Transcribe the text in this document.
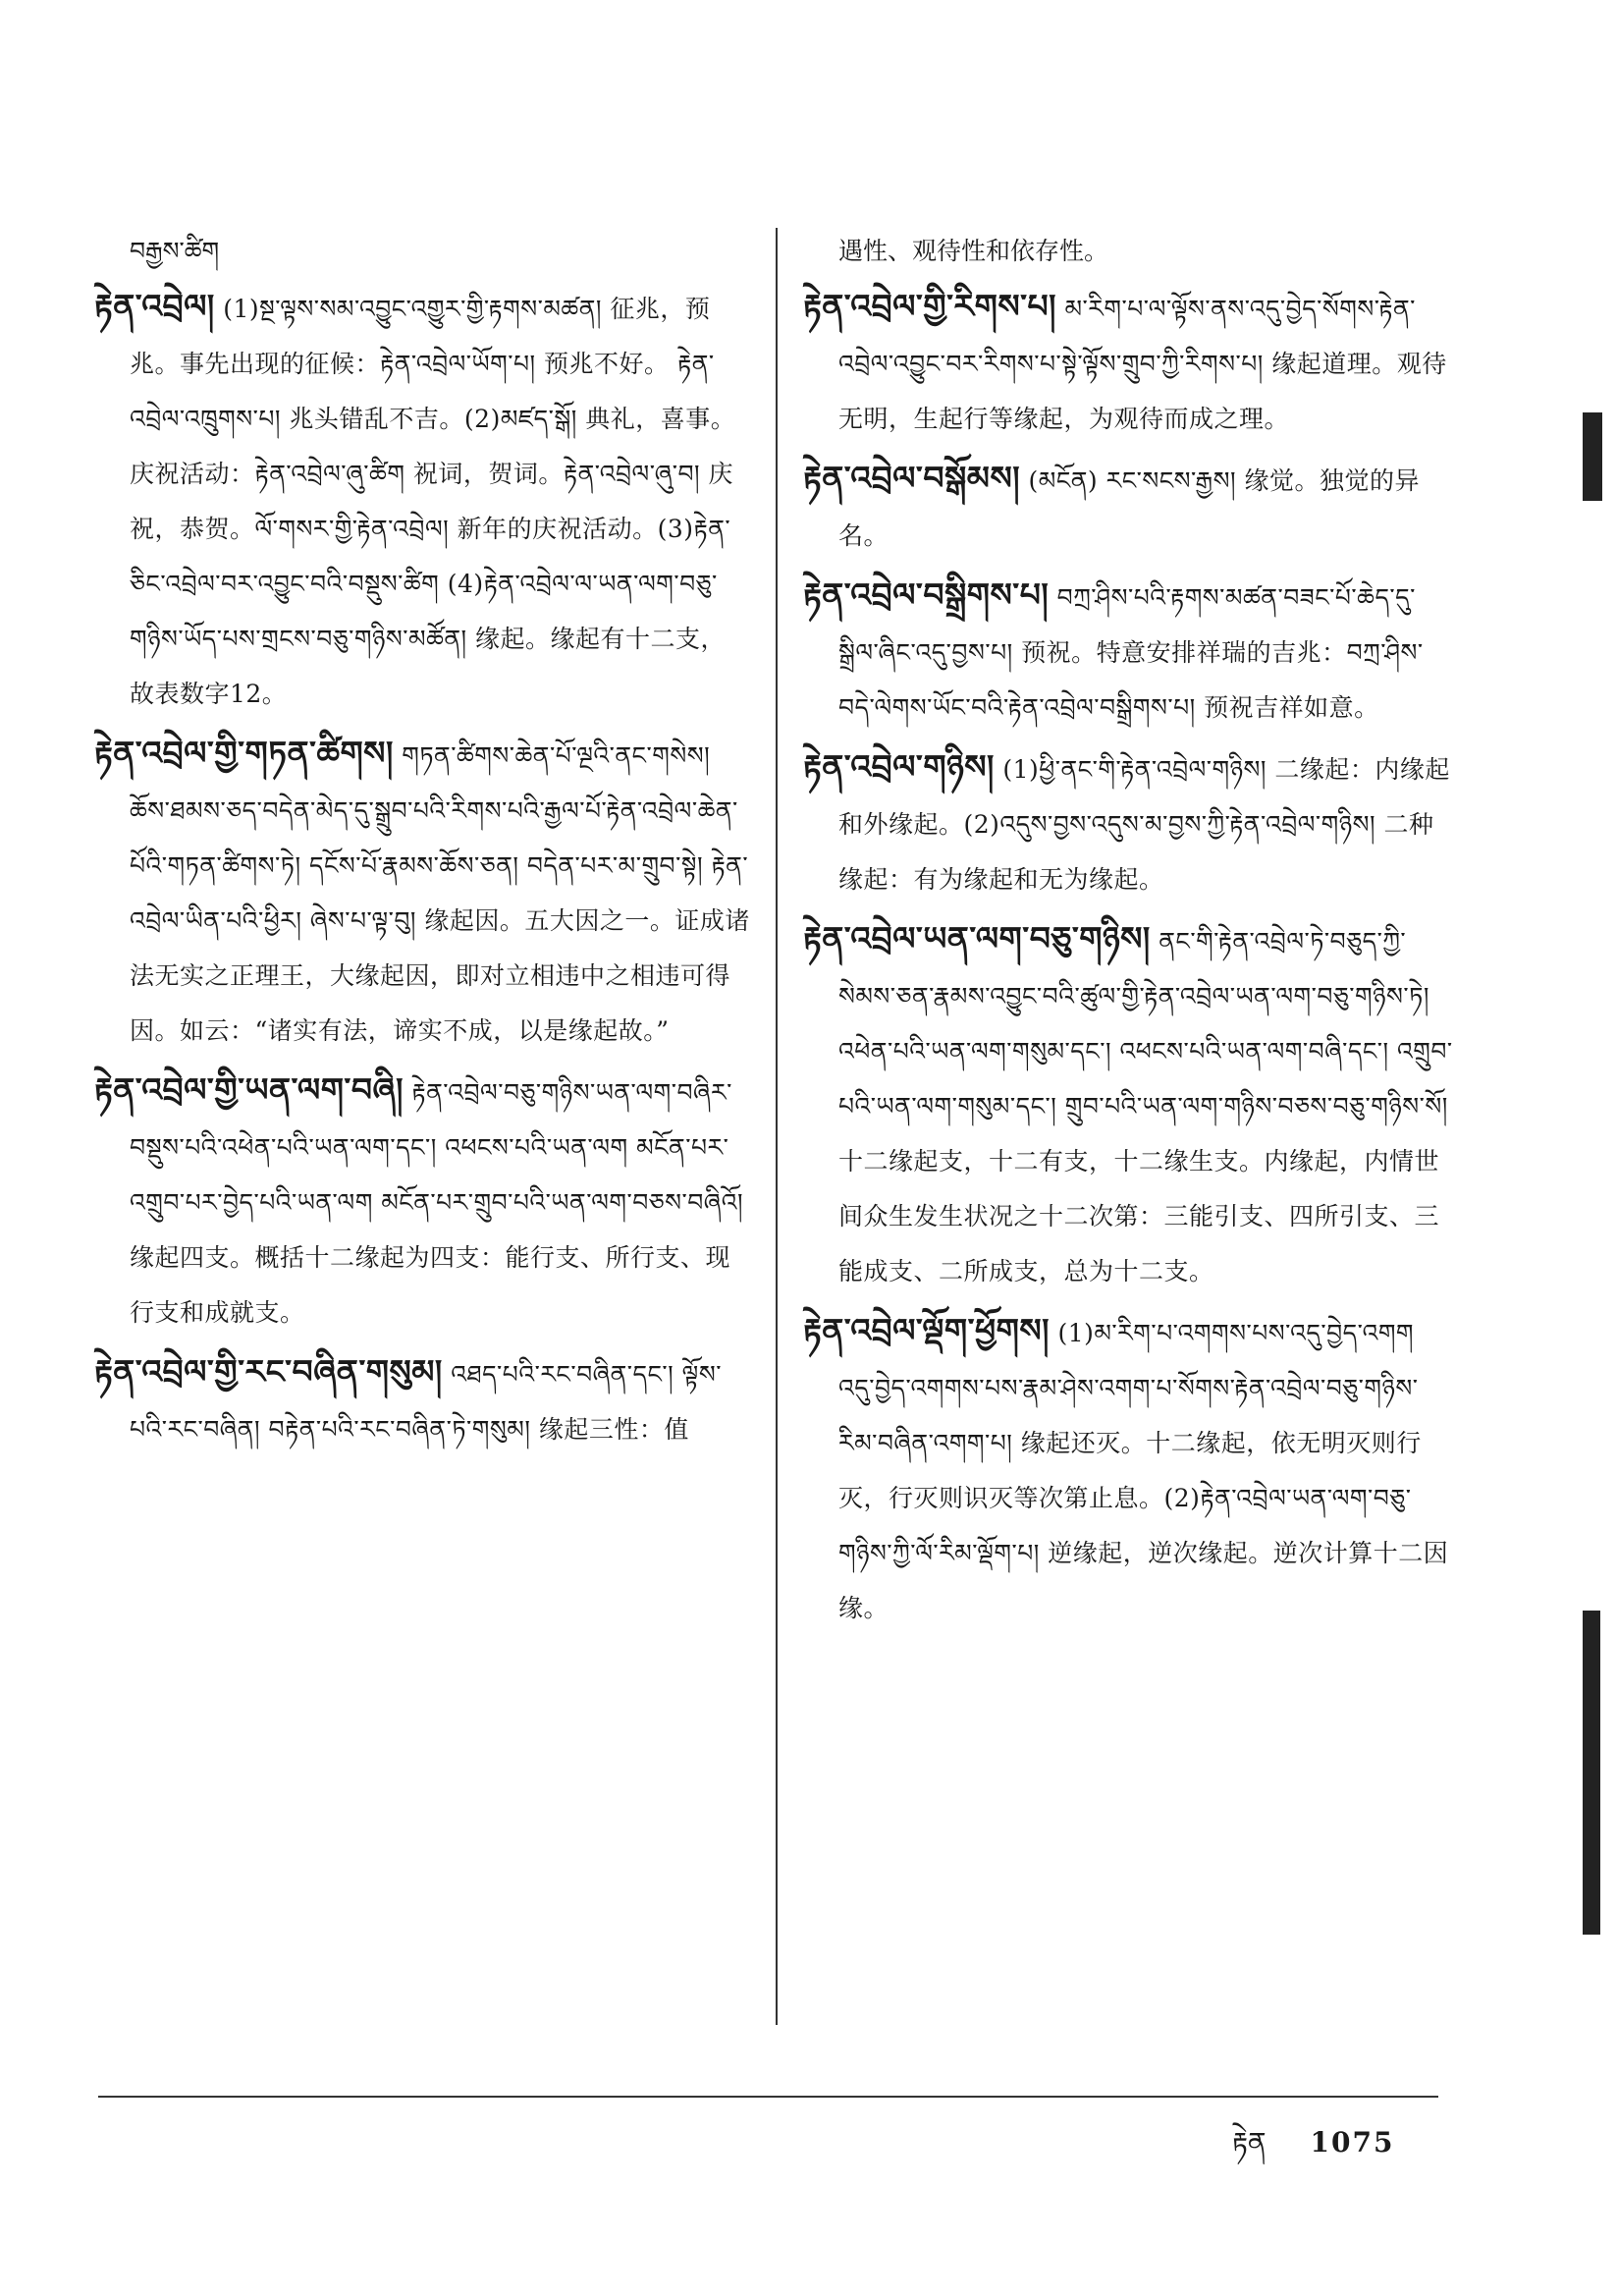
བརྒྱས་ཚིག
རྟེན་འབྲེལ། (1)སྔ་ལྟས་སམ་འབྱུང་འགྱུར་གྱི་རྟགས་མཚན། 征兆，预兆。事先出现的征候：རྟེན་འབྲེལ་ཡོག་པ། 预兆不好。 རྟེན་འབྲེལ་འཁྲུགས་པ། 兆头错乱不吉。(2)མཛད་སྒོ། 典礼，喜事。庆祝活动：རྟེན་འབྲེལ་ཞུ་ཚིག 祝词，贺词。རྟེན་འབྲེལ་ཞུ་བ། 庆祝，恭贺。ལོ་གསར་གྱི་རྟེན་འབྲེལ། 新年的庆祝活动。(3)རྟེན་ཅིང་འབྲེལ་བར་འབྱུང་བའི་བསྡུས་ཚིག (4)རྟེན་འབྲེལ་ལ་ཡན་ལག་བཅུ་གཉིས་ཡོད་པས་གྲངས་བཅུ་གཉིས་མཚོན། 缘起。缘起有十二支，故表数字12。
རྟེན་འབྲེལ་གྱི་གཏན་ཚིགས། གཏན་ཚིགས་ཆེན་པོ་ལྔའི་ནང་གསེས། ཆོས་ཐམས་ཅད་བདེན་མེད་དུ་སྒྲུབ་པའི་རིགས་པའི་རྒྱལ་པོ་རྟེན་འབྲེལ་ཆེན་པོའི་གཏན་ཚིགས་ཏེ། དངོས་པོ་རྣམས་ཆོས་ཅན། བདེན་པར་མ་གྲུབ་སྟེ། རྟེན་འབྲེལ་ཡིན་པའི་ཕྱིར། ཞེས་པ་ལྟ་བུ། 缘起因。五大因之一。证成诸法无实之正理王，大缘起因，即对立相违中之相违可得因。如云：“诸实有法，谛实不成，以是缘起故。”
རྟེན་འབྲེལ་གྱི་ཡན་ལག་བཞི། རྟེན་འབྲེལ་བཅུ་གཉིས་ཡན་ལག་བཞིར་བསྡུས་པའི་འཕེན་པའི་ཡན་ལག་དང་། འཕངས་པའི་ཡན་ལག མངོན་པར་འགྲུབ་པར་བྱེད་པའི་ཡན་ལག མངོན་པར་གྲུབ་པའི་ཡན་ལག་བཅས་བཞིའོ། 缘起四支。概括十二缘起为四支：能行支、所行支、现行支和成就支。
རྟེན་འབྲེལ་གྱི་རང་བཞིན་གསུམ། འཐད་པའི་རང་བཞིན་དང་། ལྟོས་པའི་རང་བཞིན། བརྟེན་པའི་རང་བཞིན་ཏེ་གསུམ། 缘起三性：值
遇性、观待性和依存性。
རྟེན་འབྲེལ་གྱི་རིགས་པ། མ་རིག་པ་ལ་ལྟོས་ནས་འདུ་བྱེད་སོགས་རྟེན་འབྲེལ་འབྱུང་བར་རིགས་པ་སྟེ་ལྟོས་གྲུབ་ཀྱི་རིགས་པ། 缘起道理。观待无明，生起行等缘起，为观待而成之理。
རྟེན་འབྲེལ་བསྒོམས། (མངོན) རང་སངས་རྒྱས། 缘觉。独觉的异名。
རྟེན་འབྲེལ་བསྒྲིགས་པ། བཀྲ་ཤིས་པའི་རྟགས་མཚན་བཟང་པོ་ཆེད་དུ་སྒྲིལ་ཞིང་འདུ་བྱས་པ། 预祝。特意安排祥瑞的吉兆：བཀྲ་ཤིས་བདེ་ལེགས་ཡོང་བའི་རྟེན་འབྲེལ་བསྒྲིགས་པ། 预祝吉祥如意。
རྟེན་འབྲེལ་གཉིས། (1)ཕྱི་ནང་གི་རྟེན་འབྲེལ་གཉིས། 二缘起：内缘起和外缘起。(2)འདུས་བྱས་འདུས་མ་བྱས་ཀྱི་རྟེན་འབྲེལ་གཉིས། 二种缘起：有为缘起和无为缘起。
རྟེན་འབྲེལ་ཡན་ལག་བཅུ་གཉིས། ནང་གི་རྟེན་འབྲེལ་ཏེ་བཅུད་ཀྱི་སེམས་ཅན་རྣམས་འབྱུང་བའི་ཚུལ་གྱི་རྟེན་འབྲེལ་ཡན་ལག་བཅུ་གཉིས་ཏེ། འཕེན་པའི་ཡན་ལག་གསུམ་དང་། འཕངས་པའི་ཡན་ལག་བཞི་དང་། འགྲུབ་པའི་ཡན་ལག་གསུམ་དང་། གྲུབ་པའི་ཡན་ལག་གཉིས་བཅས་བཅུ་གཉིས་སོ། 十二缘起支，十二有支，十二缘生支。内缘起，内情世间众生发生状况之十二次第：三能引支、四所引支、三能成支、二所成支，总为十二支。
རྟེན་འབྲེལ་ལྡོག་ཕྱོགས། (1)མ་རིག་པ་འགགས་པས་འདུ་བྱེད་འགག འདུ་བྱེད་འགགས་པས་རྣམ་ཤེས་འགག་པ་སོགས་རྟེན་འབྲེལ་བཅུ་གཉིས་རིམ་བཞིན་འགག་པ། 缘起还灭。十二缘起，依无明灭则行灭，行灭则识灭等次第止息。(2)རྟེན་འབྲེལ་ཡན་ལག་བཅུ་གཉིས་ཀྱི་ལོ་རིམ་ལྡོག་པ། 逆缘起，逆次缘起。逆次计算十二因缘。
རྟེན 1075
